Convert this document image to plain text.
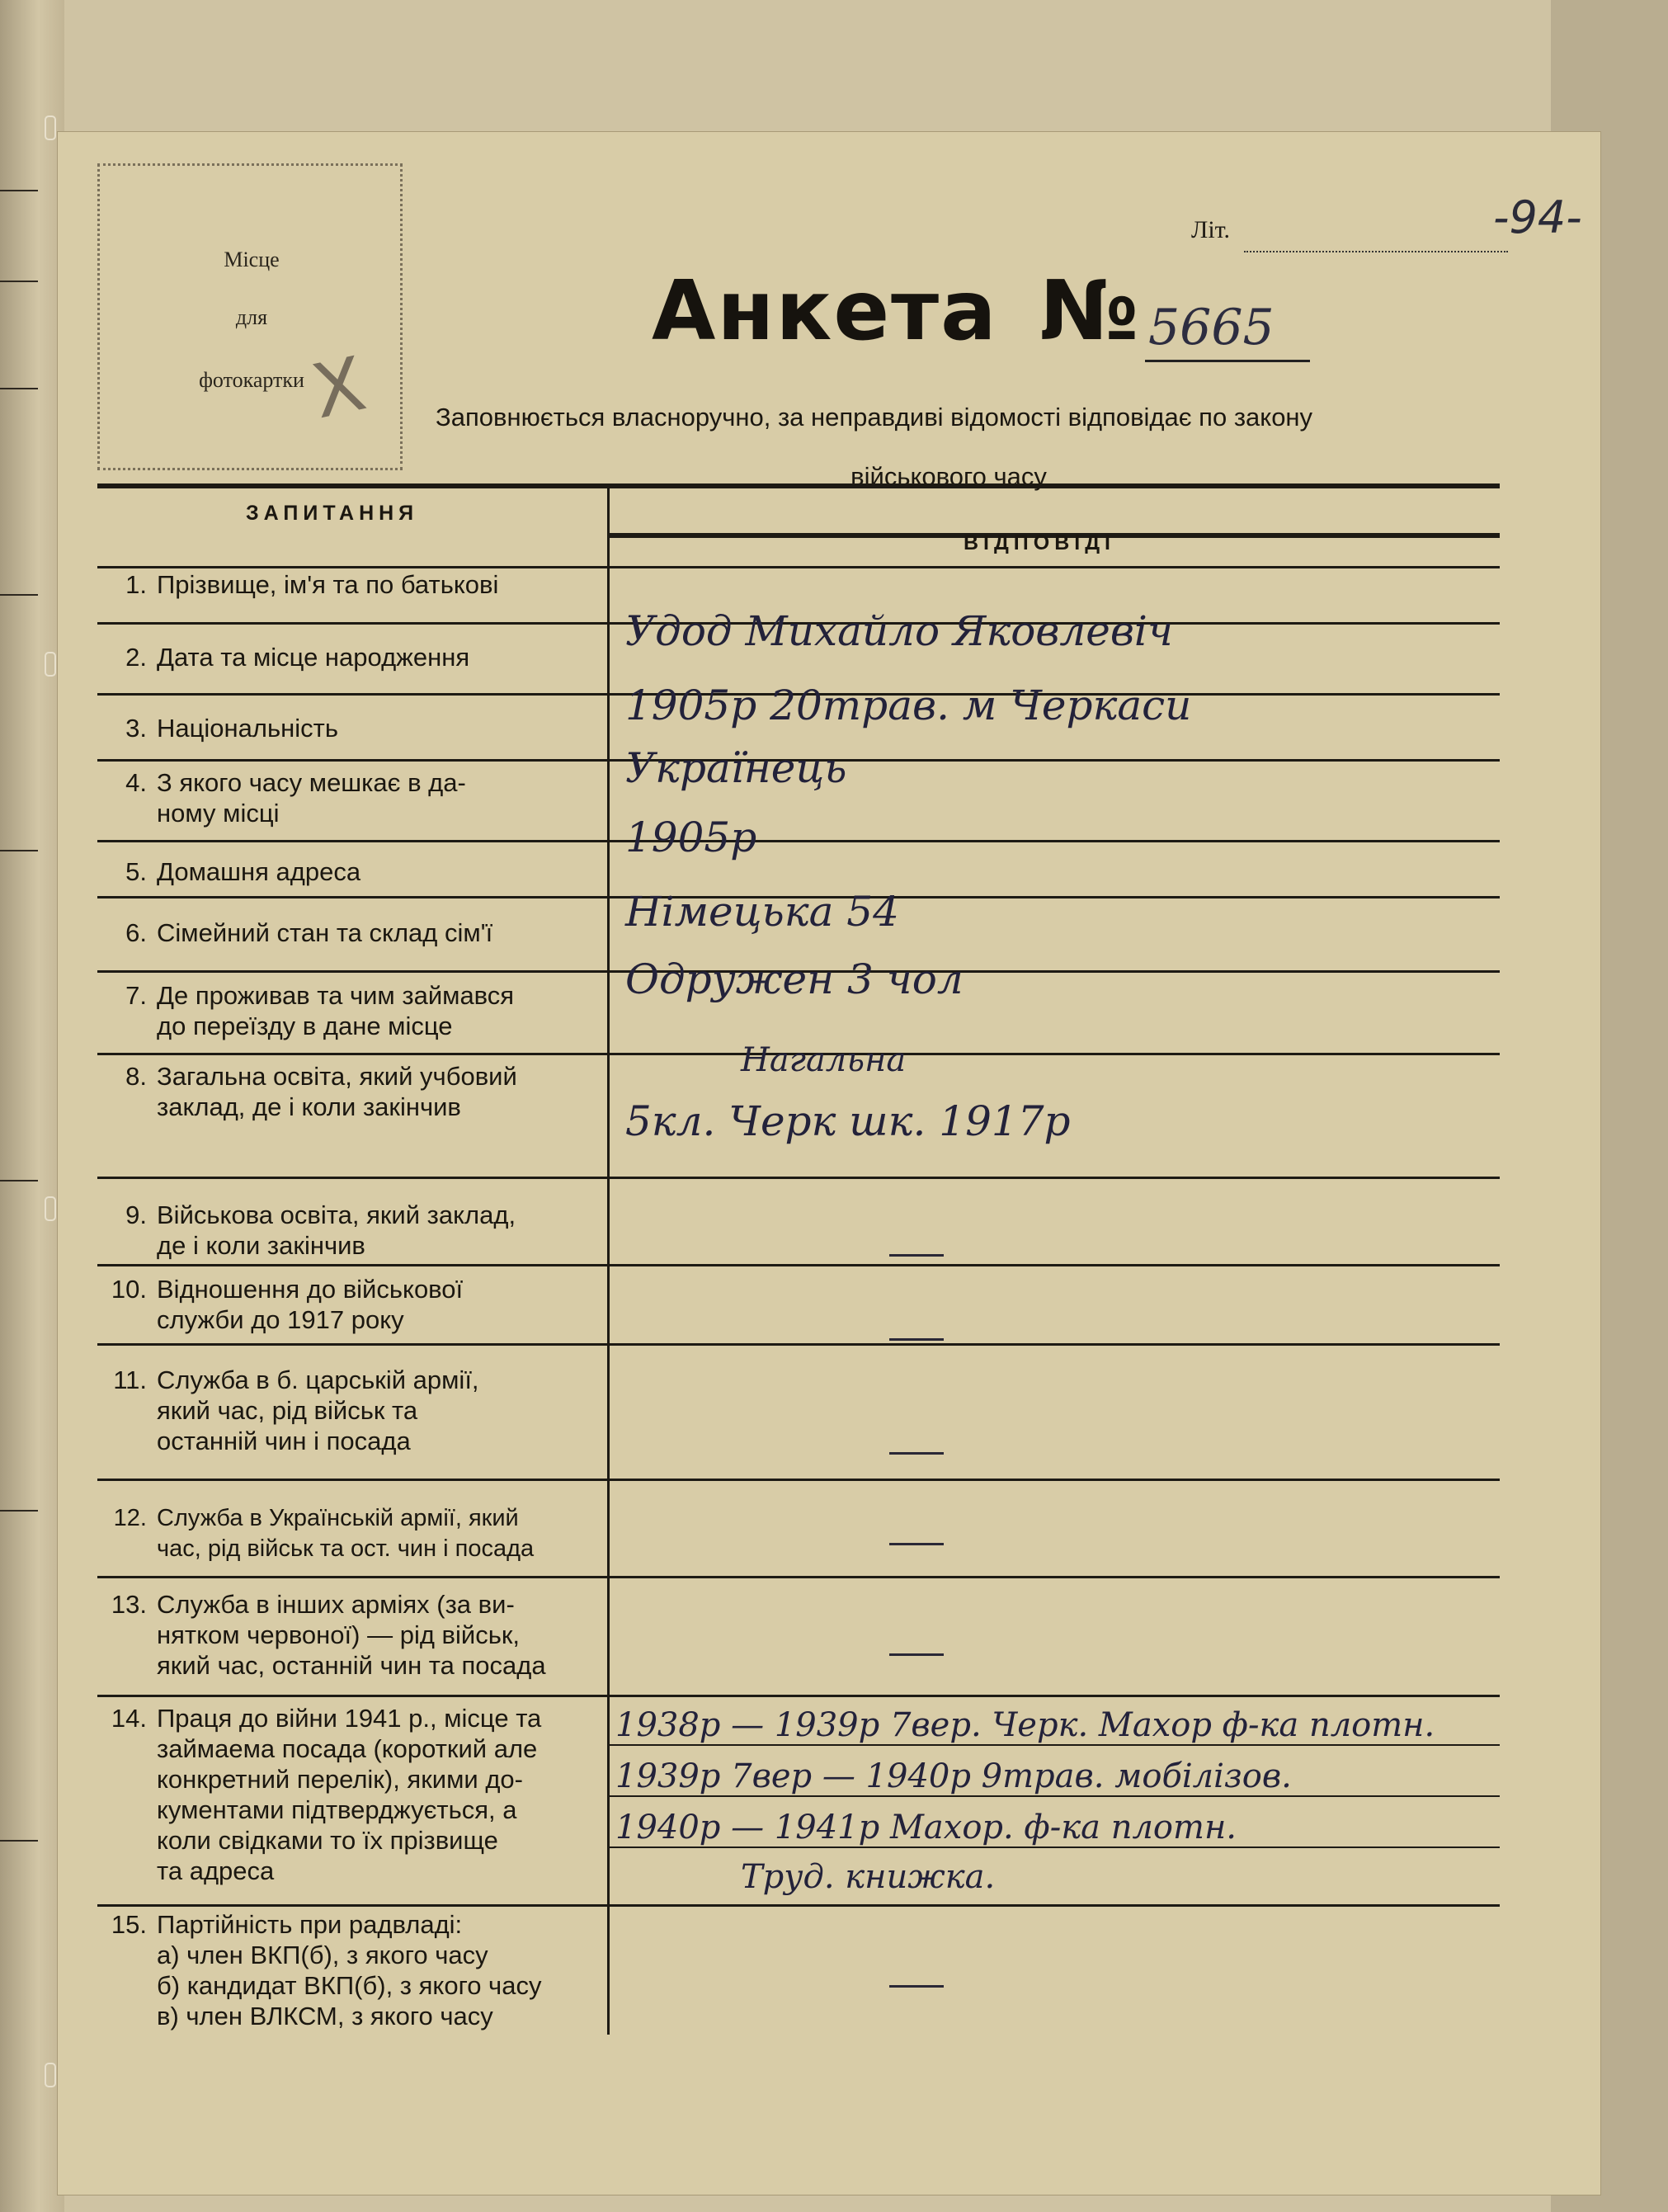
Місце
для
фотокартки X
Літ.	-94-
Анкета № 5665
Заповнюється власноручно, за неправдиві відомості відповідає по закону
військового часу
ЗАПИТАННЯ
ВІДПОВІДІ
1. Прізвище, ім'я та по батькові
Удод Михайло Яковлевіч
2. Дата та місце народження
1905р 20трав. м Черкаси
3. Національність
Українець
4. З якого часу мешкає в да-
ному місці
1905р
5. Домашня адреса
Німецька 54
6. Сімейний стан та склад сім'ї
Одружен 3 чол
7. Де проживав та чим займався
до переїзду в дане місце
8. Загальна освіта, який учбовий
заклад, де і коли закінчив
Нагальна
5кл. Черк шк. 1917р
9. Військова освіта, який заклад,
де і коли закінчив
10. Відношення до військової
служби до 1917 року
11. Служба в б. царській армії,
який час, рід військ та
останній чин і посада
12. Служба в Українській армії, який
час, рід військ та ост. чин і посада
13. Служба в інших арміях (за ви-
нятком червоної) — рід військ,
який час, останній чин та посада
14. Праця до війни 1941 р., місце та
займаема посада (короткий але
конкретний перелік), якими до-
кументами підтверджується, а
коли свідками то їх прізвище
та адреса
1938р — 1939р 7вер. Черк. Махор ф-ка плотн.
1939р 7вер — 1940р 9трав. мобілізов.
1940р — 1941р Махор. ф-ка плотн.
Труд. книжка.
15. Партійність при радвладі:
а) член ВКП(б), з якого часу
б) кандидат ВКП(б), з якого часу
в) член ВЛКСМ, з якого часу
